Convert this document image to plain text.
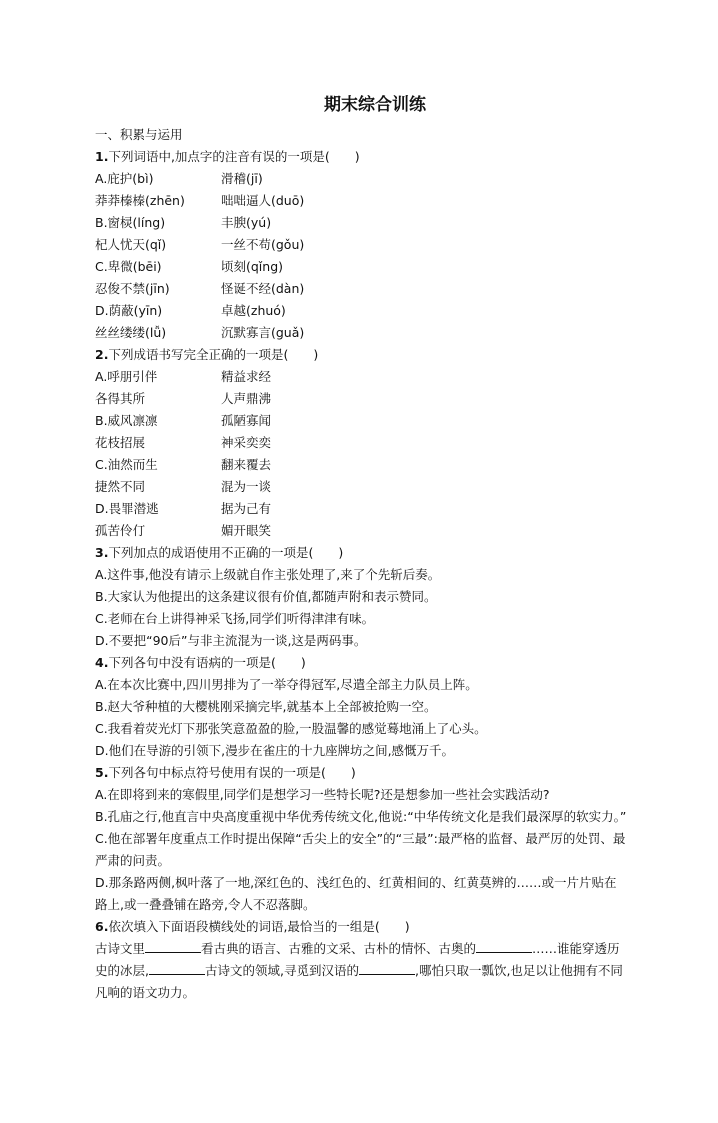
期末综合训练
一、积累与运用
1.下列词语中,加点字的注音有误的一项是(　　)
A.庇护(bì)	滑稽(jī)
莽莽榛榛(zhēn)	咄咄逼人(duō)
B.窗棂(líng)	丰腴(yú)
杞人忧天(qǐ)	一丝不苟(gǒu)
C.卑微(bēi)	顷刻(qǐng)
忍俊不禁(jīn)	怪诞不经(dàn)
D.荫蔽(yīn)	卓越(zhuó)
丝丝缕缕(lǚ)	沉默寡言(guǎ)
2.下列成语书写完全正确的一项是(　　)
A.呼朋引伴	精益求经
各得其所	人声鼎沸
B.威风凛凛	孤陋寡闻
花枝招展	神采奕奕
C.油然而生	翻来覆去
捷然不同	混为一谈
D.畏罪潜逃	据为己有
孤苦伶仃	媚开眼笑
3.下列加点的成语使用不正确的一项是(　　)
A.这件事,他没有请示上级就自作主张处理了,来了个先斩后奏。
B.大家认为他提出的这条建议很有价值,都随声附和表示赞同。
C.老师在台上讲得神采飞扬,同学们听得津津有味。
D.不要把“90后”与非主流混为一谈,这是两码事。
4.下列各句中没有语病的一项是(　　)
A.在本次比赛中,四川男排为了一举夺得冠军,尽遣全部主力队员上阵。
B.赵大爷种植的大樱桃刚采摘完毕,就基本上全部被抢购一空。
C.我看着荧光灯下那张笑意盈盈的脸,一股温馨的感觉蓦地涌上了心头。
D.他们在导游的引领下,漫步在雀庄的十九座牌坊之间,感慨万千。
5.下列各句中标点符号使用有误的一项是(　　)
A.在即将到来的寒假里,同学们是想学习一些特长呢?还是想参加一些社会实践活动?
B.孔庙之行,他直言中央高度重视中华优秀传统文化,他说:“中华传统文化是我们最深厚的软实力。”
C.他在部署年度重点工作时提出保障“舌尖上的安全”的“三最”:最严格的监督、最严厉的处罚、最严肃的问责。
D.那条路两侧,枫叶落了一地,深红色的、浅红色的、红黄相间的、红黄莫辨的……或一片片贴在路上,或一叠叠铺在路旁,令人不忍落脚。
6.依次填入下面语段横线处的词语,最恰当的一组是(　　)
古诗文里	看古典的语言、古雅的文采、古朴的情怀、古奥的	……谁能穿透历史的冰层,	古诗文的领域,寻觅到汉语的	,哪怕只取一瓢饮,也足以让他拥有不同凡响的语文功力。
